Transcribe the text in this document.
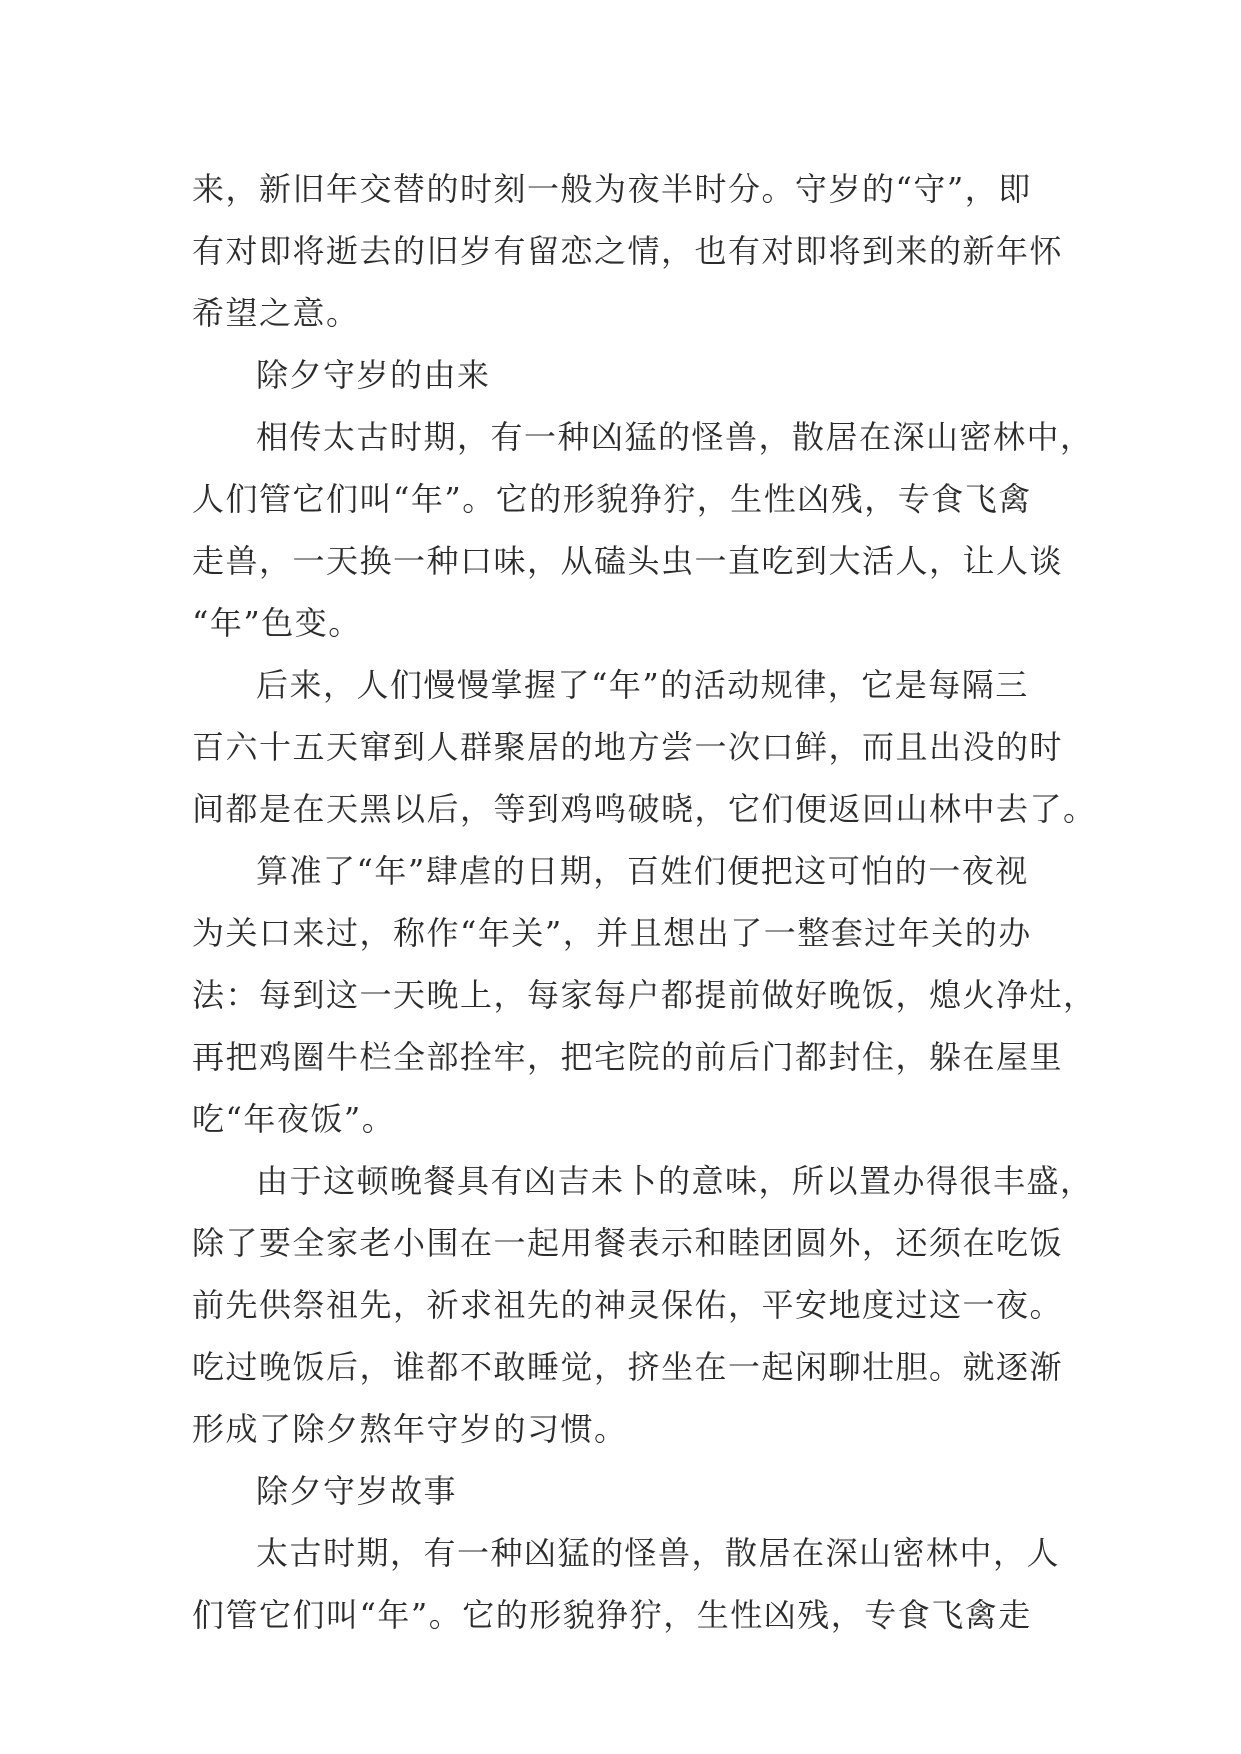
来，新旧年交替的时刻一般为夜半时分。守岁的“守”，即
有对即将逝去的旧岁有留恋之情，也有对即将到来的新年怀
希望之意。
除夕守岁的由来
相传太古时期，有一种凶猛的怪兽，散居在深山密林中，
人们管它们叫“年”。它的形貌狰狞，生性凶残，专食飞禽
走兽，一天换一种口味，从磕头虫一直吃到大活人，让人谈
“年”色变。
后来，人们慢慢掌握了“年”的活动规律，它是每隔三
百六十五天窜到人群聚居的地方尝一次口鲜，而且出没的时
间都是在天黑以后，等到鸡鸣破晓，它们便返回山林中去了。
算准了“年”肆虐的日期，百姓们便把这可怕的一夜视
为关口来过，称作“年关”，并且想出了一整套过年关的办
法：每到这一天晚上，每家每户都提前做好晚饭，熄火净灶，
再把鸡圈牛栏全部拴牢，把宅院的前后门都封住，躲在屋里
吃“年夜饭”。
由于这顿晚餐具有凶吉未卜的意味，所以置办得很丰盛，
除了要全家老小围在一起用餐表示和睦团圆外，还须在吃饭
前先供祭祖先，祈求祖先的神灵保佑，平安地度过这一夜。
吃过晚饭后，谁都不敢睡觉，挤坐在一起闲聊壮胆。就逐渐
形成了除夕熬年守岁的习惯。
除夕守岁故事
太古时期，有一种凶猛的怪兽，散居在深山密林中，人
们管它们叫“年”。它的形貌狰狞，生性凶残，专食飞禽走
